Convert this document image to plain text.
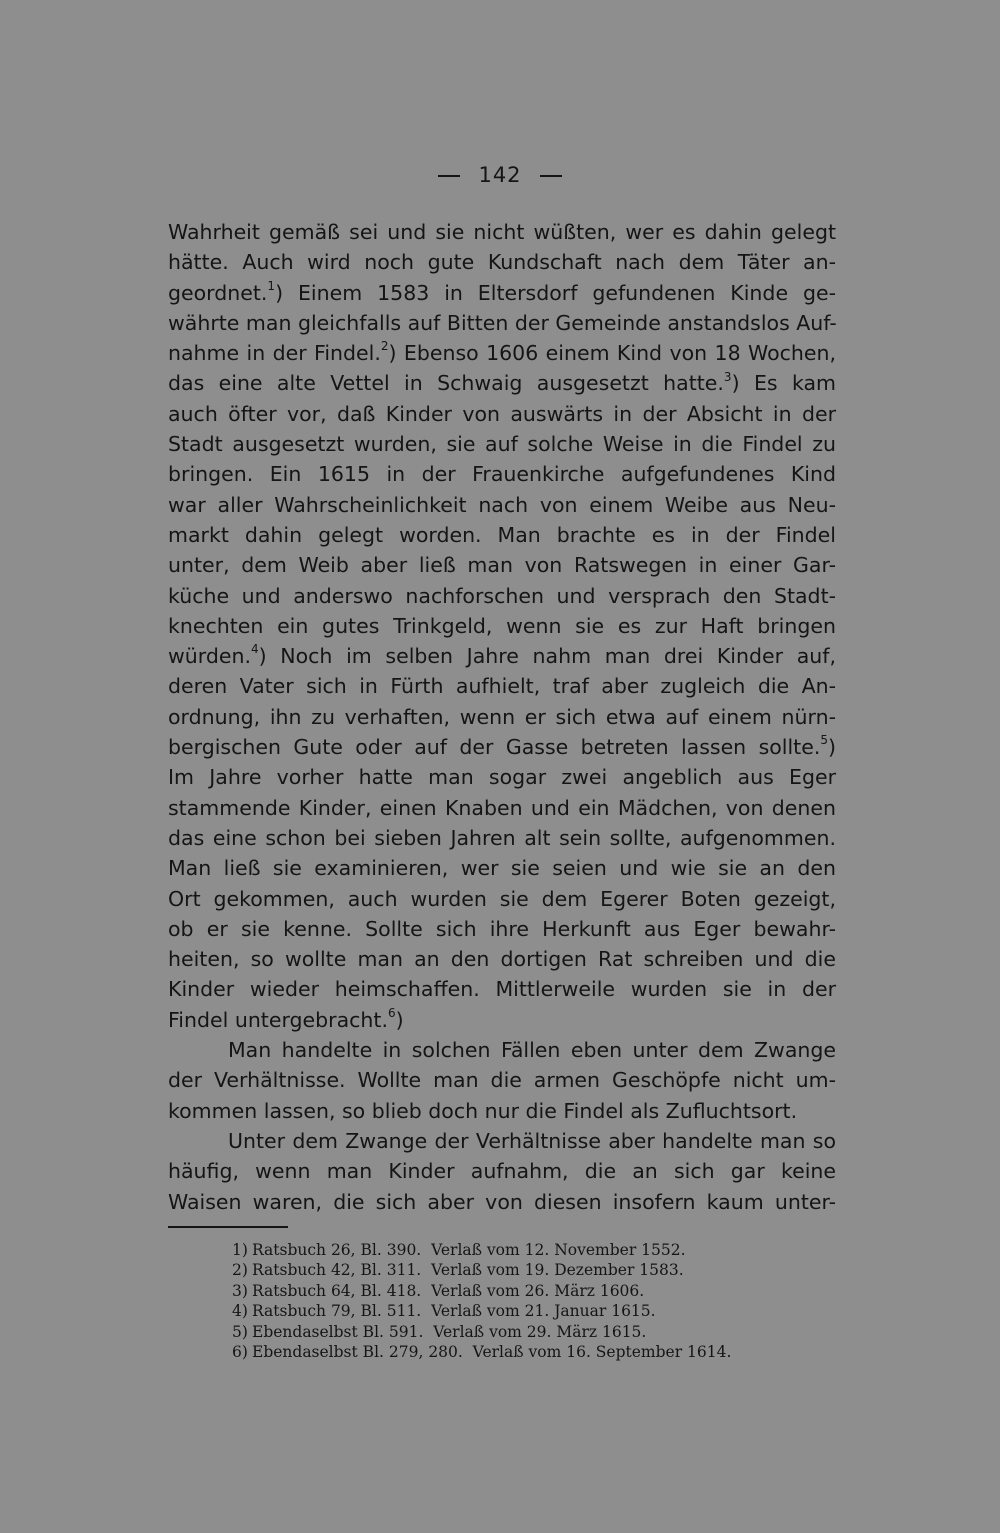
142
Wahrheit gemäß sei und sie nicht wüßten, wer es dahin gelegt
hätte. Auch wird noch gute Kundschaft nach dem Täter an-
geordnet.$^1$) Einem 1583 in Eltersdorf gefundenen Kinde ge-
währte man gleichfalls auf Bitten der Gemeinde anstandslos Auf-
nahme in der Findel.$^2$) Ebenso 1606 einem Kind von 18 Wochen,
das eine alte Vettel in Schwaig ausgesetzt hatte.$^3$) Es kam
auch öfter vor, daß Kinder von auswärts in der Absicht in der
Stadt ausgesetzt wurden, sie auf solche Weise in die Findel zu
bringen. Ein 1615 in der Frauenkirche aufgefundenes Kind
war aller Wahrscheinlichkeit nach von einem Weibe aus Neu-
markt dahin gelegt worden. Man brachte es in der Findel
unter, dem Weib aber ließ man von Ratswegen in einer Gar-
küche und anderswo nachforschen und versprach den Stadt-
knechten ein gutes Trinkgeld, wenn sie es zur Haft bringen
würden.$^4$) Noch im selben Jahre nahm man drei Kinder auf,
deren Vater sich in Fürth aufhielt, traf aber zugleich die An-
ordnung, ihn zu verhaften, wenn er sich etwa auf einem nürn-
bergischen Gute oder auf der Gasse betreten lassen sollte.$^5$)
Im Jahre vorher hatte man sogar zwei angeblich aus Eger
stammende Kinder, einen Knaben und ein Mädchen, von denen
das eine schon bei sieben Jahren alt sein sollte, aufgenommen.
Man ließ sie examinieren, wer sie seien und wie sie an den
Ort gekommen, auch wurden sie dem Egerer Boten gezeigt,
ob er sie kenne. Sollte sich ihre Herkunft aus Eger bewahr-
heiten, so wollte man an den dortigen Rat schreiben und die
Kinder wieder heimschaffen. Mittlerweile wurden sie in der
Findel untergebracht.$^6$)
Man handelte in solchen Fällen eben unter dem Zwange
der Verhältnisse. Wollte man die armen Geschöpfe nicht um-
kommen lassen, so blieb doch nur die Findel als Zufluchtsort.
Unter dem Zwange der Verhältnisse aber handelte man so
häufig, wenn man Kinder aufnahm, die an sich gar keine
Waisen waren, die sich aber von diesen insofern kaum unter-
1) Ratsbuch 26, Bl. 390.  Verlaß vom 12. November 1552.
2) Ratsbuch 42, Bl. 311.  Verlaß vom 19. Dezember 1583.
3) Ratsbuch 64, Bl. 418.  Verlaß vom 26. März 1606.
4) Ratsbuch 79, Bl. 511.  Verlaß vom 21. Januar 1615.
5) Ebendaselbst Bl. 591.  Verlaß vom 29. März 1615.
6) Ebendaselbst Bl. 279, 280.  Verlaß vom 16. September 1614.
